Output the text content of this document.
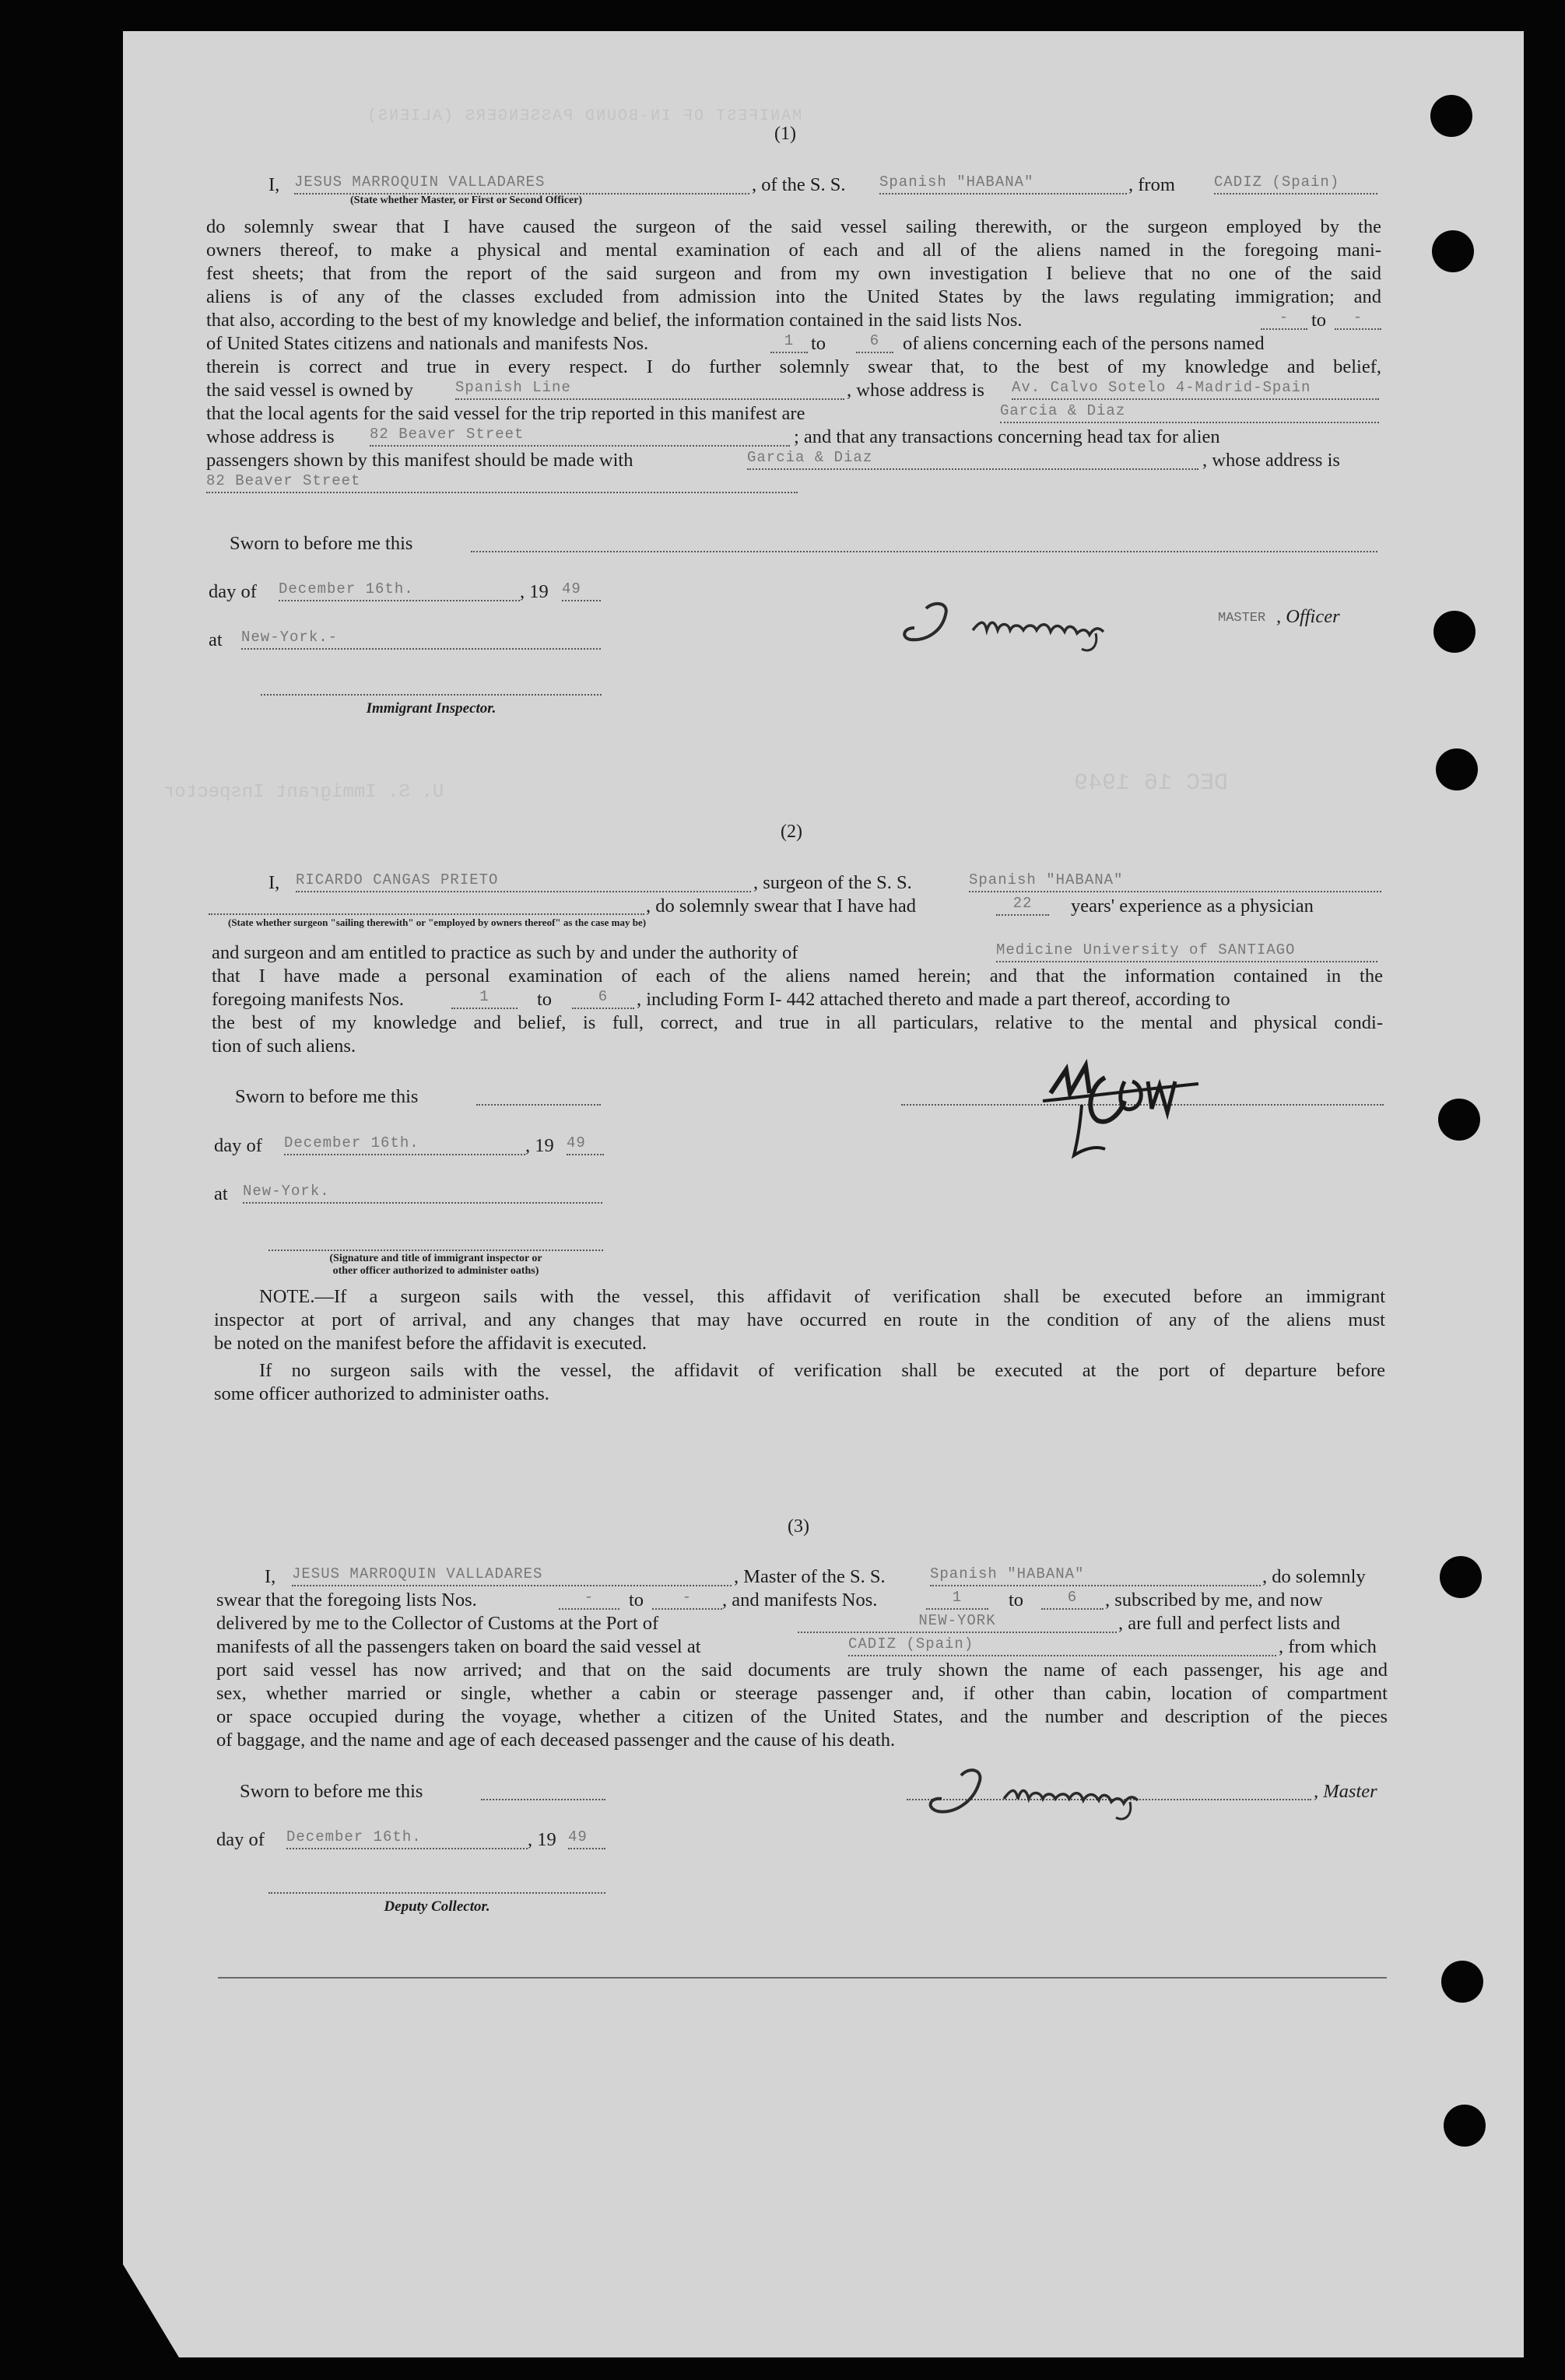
MANIFEST OF IN-BOUND PASSENGERS (ALIENS)
DEC 16 1949
U. S. Immigrant Inspector
(1)
I, JESUS MARROQUIN VALLADARES	, of the S. S. Spanish "HABANA"	, from	CADIZ (Spain)
(State whether Master, or First or Second Officer)
do solemnly swear that I have caused the surgeon of the said vessel sailing therewith, or the surgeon employed by the
owners thereof, to make a physical and mental examination of each and all of the aliens named in the foregoing mani-
fest sheets; that from the report of the said surgeon and from my own investigation I believe that no one of the said
aliens is of any of the classes excluded from admission into the United States by the laws regulating immigration; and
that also, according to the best of my knowledge and belief, the information contained in the said lists Nos.	-	to	-
of United States citizens and nationals and manifests Nos.	1 to	6	of aliens concerning each of the persons named
therein is correct and true in every respect. I do further solemnly swear that, to the best of my knowledge and belief,
the said vessel is owned by	Spanish Line	, whose address is Av. Calvo Sotelo 4-Madrid-Spain
that the local agents for the said vessel for the trip reported in this manifest are	Garcia & Diaz
whose address is 82 Beaver Street	; and that any transactions concerning head tax for alien
passengers shown by this manifest should be made with	Garcia & Diaz	, whose address is
82 Beaver Street
Sworn to before me this
day of December 16th.	, 19 49
at New-York.-
Immigrant Inspector.
MASTER , Officer
(2)
I, RICARDO CANGAS PRIETO	, surgeon of the S. S.	Spanish "HABANA"
, do solemnly swear that I have had	22	years' experience as a physician
(State whether surgeon "sailing therewith" or "employed by owners thereof" as the case may be)
and surgeon and am entitled to practice as such by and under the authority of	Medicine University of SANTIAGO
that I have made a personal examination of each of the aliens named herein; and that the information contained in the
foregoing manifests Nos.	1	to	6	, including Form I- 442 attached thereto and made a part thereof, according to
the best of my knowledge and belief, is full, correct, and true in all particulars, relative to the mental and physical condi-
tion of such aliens.
Sworn to before me this
day of December 16th.	, 19 49
at New-York.
(Signature and title of immigrant inspector or
other officer authorized to administer oaths)
NOTE.—If a surgeon sails with the vessel, this affidavit of verification shall be executed before an immigrant
inspector at port of arrival, and any changes that may have occurred en route in the condition of any of the aliens must
be noted on the manifest before the affidavit is executed.
If no surgeon sails with the vessel, the affidavit of verification shall be executed at the port of departure before
some officer authorized to administer oaths.
(3)
I, JESUS MARROQUIN VALLADARES	, Master of the S. S.	Spanish "HABANA"	, do solemnly
swear that the foregoing lists Nos.	-	to	-	, and manifests Nos.	1	to	6	, subscribed by me, and now
delivered by me to the Collector of Customs at the Port of	NEW-YORK	, are full and perfect lists and
manifests of all the passengers taken on board the said vessel at	CADIZ (Spain)	, from which
port said vessel has now arrived; and that on the said documents are truly shown the name of each passenger, his age and
sex, whether married or single, whether a cabin or steerage passenger and, if other than cabin, location of compartment
or space occupied during the voyage, whether a citizen of the United States, and the number and description of the pieces
of baggage, and the name and age of each deceased passenger and the cause of his death.
Sworn to before me this	, Master
day of December 16th.	, 19 49
Deputy Collector.
